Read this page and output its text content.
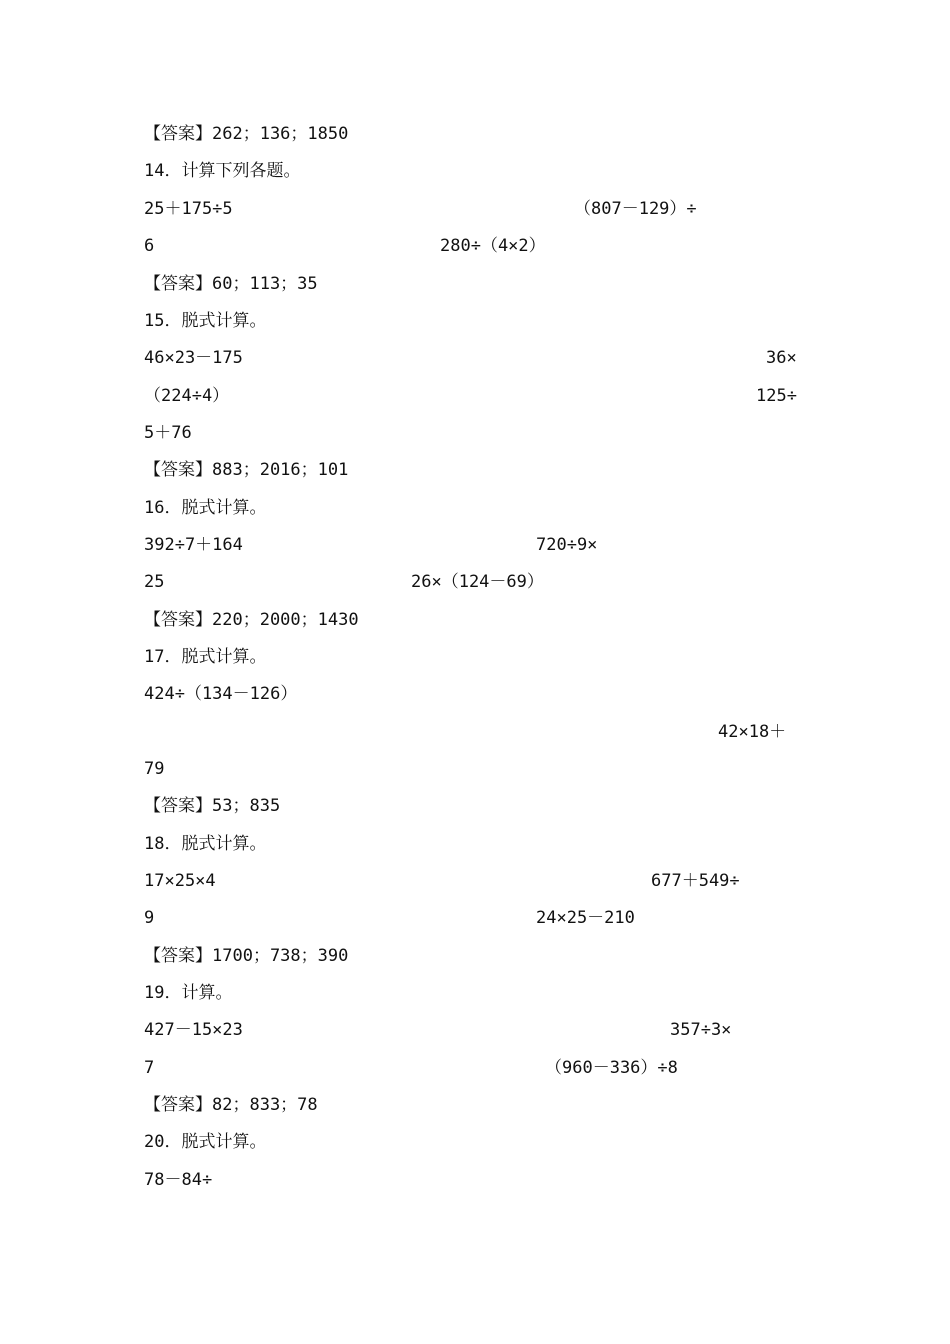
【答案】262；136；1850
14．计算下列各题。
25＋175÷5	（807－129）÷
6	280÷（4×2）
【答案】60；113；35
15．脱式计算。
46×23－175	36×
（224÷4）	125÷
5＋76
【答案】883；2016；101
16．脱式计算。
392÷7＋164	720÷9×
25	26×（124－69）
【答案】220；2000；1430
17．脱式计算。
424÷（134－126）
42×18＋
79
【答案】53；835
18．脱式计算。
17×25×4	677＋549÷
9	24×25－210
【答案】1700；738；390
19．计算。
427－15×23	357÷3×
7	（960－336）÷8
【答案】82；833；78
20．脱式计算。
78－84÷
